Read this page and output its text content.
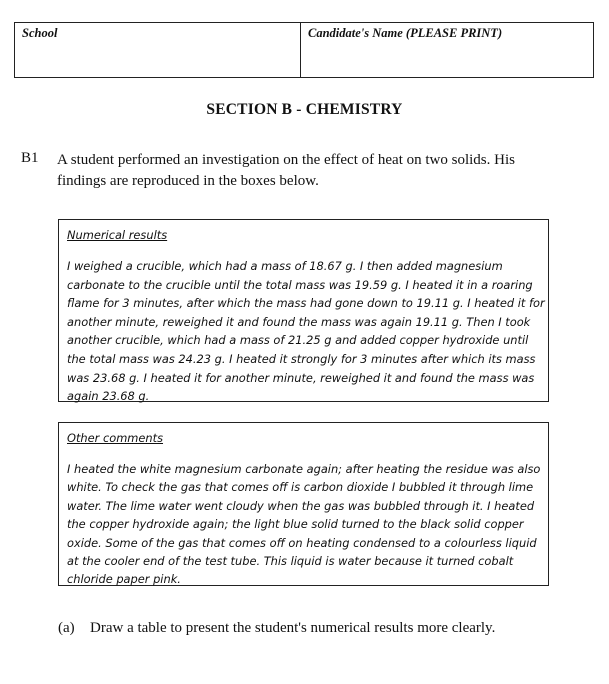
School	Candidate's Name (PLEASE PRINT)
SECTION B - CHEMISTRY
B1 A student performed an investigation on the effect of heat on two solids. His findings are reproduced in the boxes below.
Numerical results
I weighed a crucible, which had a mass of 18.67 g. I then added magnesium carbonate to the crucible until the total mass was 19.59 g. I heated it in a roaring flame for 3 minutes, after which the mass had gone down to 19.11 g. I heated it for another minute, reweighed it and found the mass was again 19.11 g. Then I took another crucible, which had a mass of 21.25 g and added copper hydroxide until the total mass was 24.23 g. I heated it strongly for 3 minutes after which its mass was 23.68 g. I heated it for another minute, reweighed it and found the mass was again 23.68 g.
Other comments
I heated the white magnesium carbonate again; after heating the residue was also white. To check the gas that comes off is carbon dioxide I bubbled it through lime water. The lime water went cloudy when the gas was bubbled through it. I heated the copper hydroxide again; the light blue solid turned to the black solid copper oxide. Some of the gas that comes off on heating condensed to a colourless liquid at the cooler end of the test tube. This liquid is water because it turned cobalt chloride paper pink.
(a) Draw a table to present the student's numerical results more clearly.
